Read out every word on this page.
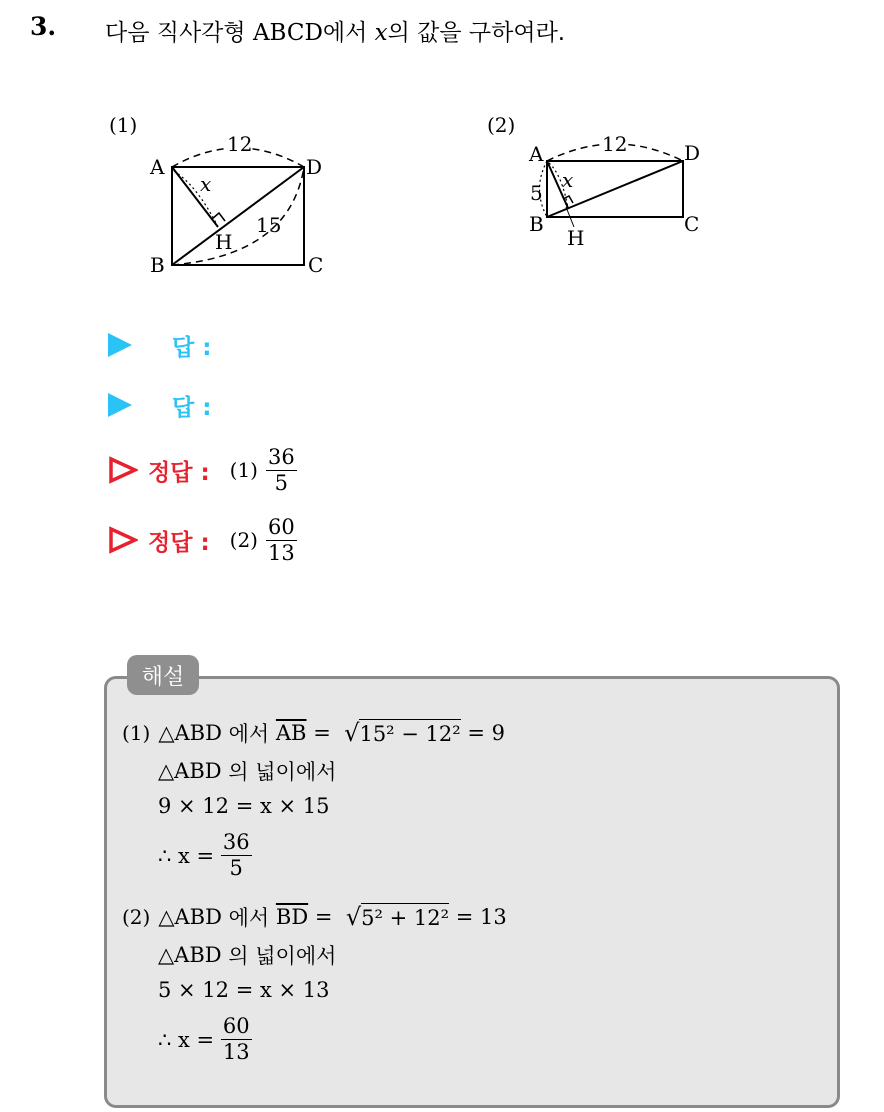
3. 다음 직사각형 ABCD에서 x의 값을 구하여라.
(1)
12
15
x
A
B	C
D
H
(2)
12
5
x
A
B	C
D
H
답 :
답 :
정답 : $(1) \frac{36}{5}$
정답 : $(2) \frac{60}{13}$
해설
(1) △ABD
에서
$\overline{AB}$
=
√ 15² − 12²
= 9
△ABD
의 넓이에서
9 × 12 = x × 15
∴ x =
$\frac{36}{5}$
(2) △ABD
에서
$\overline{BD}$
=
√ 5² + 12²
= 13
△ABD
의 넓이에서
5 × 12 = x × 13
∴ x =
$\frac{60}{13}$
